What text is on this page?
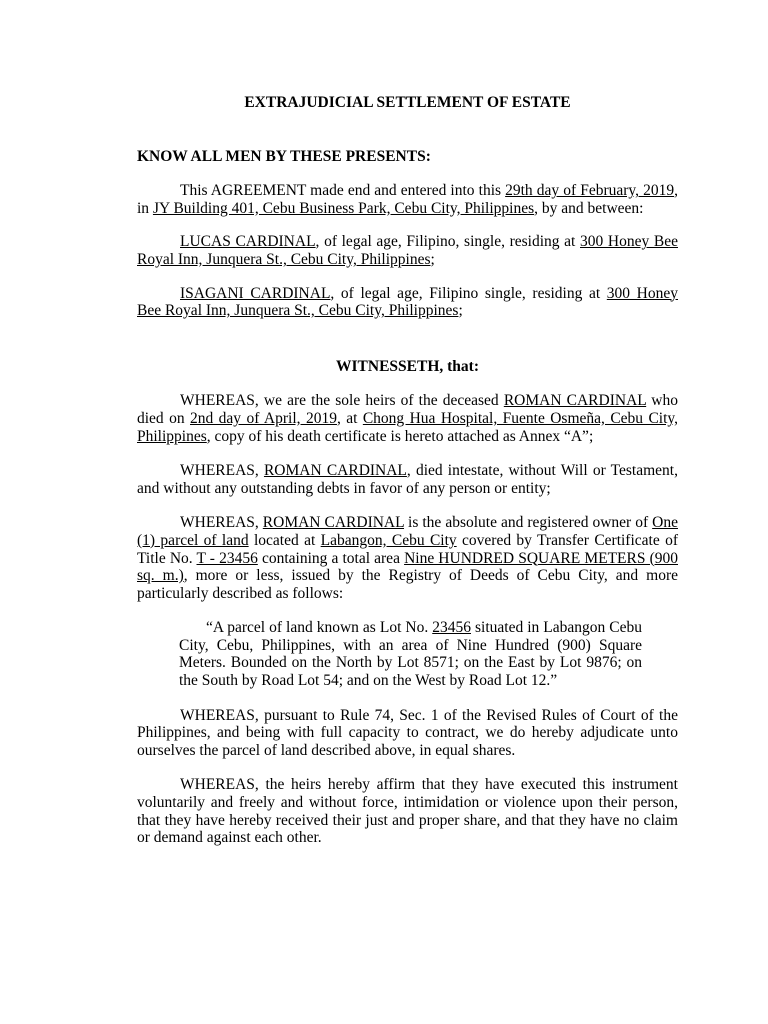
EXTRAJUDICIAL SETTLEMENT OF ESTATE
KNOW ALL MEN BY THESE PRESENTS:

This AGREEMENT made end and entered into this 29th day of February, 2019, in JY Building 401, Cebu Business Park, Cebu City, Philippines, by and between:

LUCAS CARDINAL, of legal age, Filipino, single, residing at 300 Honey Bee Royal Inn, Junquera St., Cebu City, Philippines;

ISAGANI CARDINAL, of legal age, Filipino single, residing at 300 Honey Bee Royal Inn, Junquera St., Cebu City, Philippines;

WITNESSETH, that:

WHEREAS, we are the sole heirs of the deceased ROMAN CARDINAL who died on 2nd day of April, 2019, at Chong Hua Hospital, Fuente Osmeña, Cebu City, Philippines, copy of his death certificate is hereto attached as Annex “A”;

WHEREAS, ROMAN CARDINAL, died intestate, without Will or Testament, and without any outstanding debts in favor of any person or entity;

WHEREAS, ROMAN CARDINAL is the absolute and registered owner of One (1) parcel of land located at Labangon, Cebu City covered by Transfer Certificate of Title No. T - 23456 containing a total area Nine HUNDRED SQUARE METERS (900 sq. m.), more or less, issued by the Registry of Deeds of Cebu City, and more particularly described as follows:

“A parcel of land known as Lot No. 23456 situated in Labangon Cebu City, Cebu, Philippines, with an area of Nine Hundred (900) Square Meters. Bounded on the North by Lot 8571; on the East by Lot 9876; on the South by Road Lot 54; and on the West by Road Lot 12.”

WHEREAS, pursuant to Rule 74, Sec. 1 of the Revised Rules of Court of the Philippines, and being with full capacity to contract, we do hereby adjudicate unto ourselves the parcel of land described above, in equal shares.

WHEREAS, the heirs hereby affirm that they have executed this instrument voluntarily and freely and without force, intimidation or violence upon their person, that they have hereby received their just and proper share, and that they have no claim or demand against each other.
